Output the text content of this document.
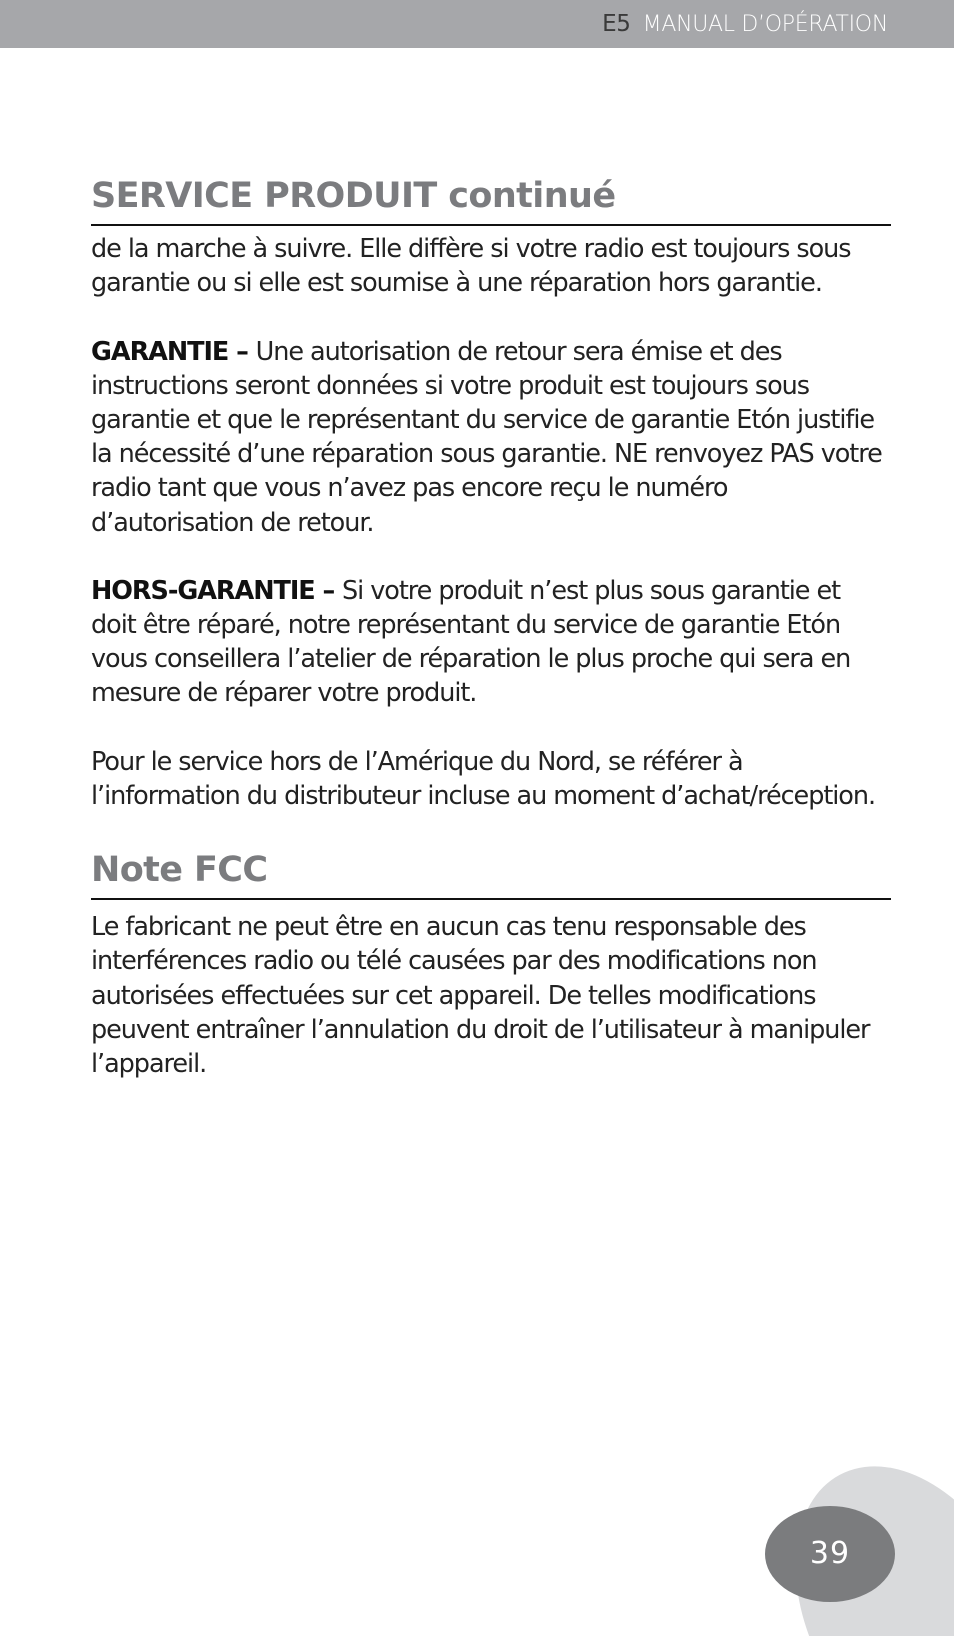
E5 MANUAL D’OPÉRATION
SERVICE PRODUIT continué

de la marche à suivre. Elle diffère si votre radio est toujours sous garantie ou si elle est soumise à une réparation hors garantie.

GARANTIE – Une autorisation de retour sera émise et des instructions seront données si votre produit est toujours sous garantie et que le représentant du service de garantie Etón justifie la nécessité d’une réparation sous garantie. NE renvoyez PAS votre radio tant que vous n’avez pas encore reçu le numéro d’autorisation de retour.

HORS-GARANTIE – Si votre produit n’est plus sous garantie et doit être réparé, notre représentant du service de garantie Etón vous conseillera l’atelier de réparation le plus proche qui sera en mesure de réparer votre produit.

Pour le service hors de l’Amérique du Nord, se référer à l’information du distributeur incluse au moment d’achat/réception.

Note FCC

Le fabricant ne peut être en aucun cas tenu responsable des interférences radio ou télé causées par des modifications non autorisées effectuées sur cet appareil. De telles modifications peuvent entraîner l’annulation du droit de l’utilisateur à manipuler l’appareil.

39
